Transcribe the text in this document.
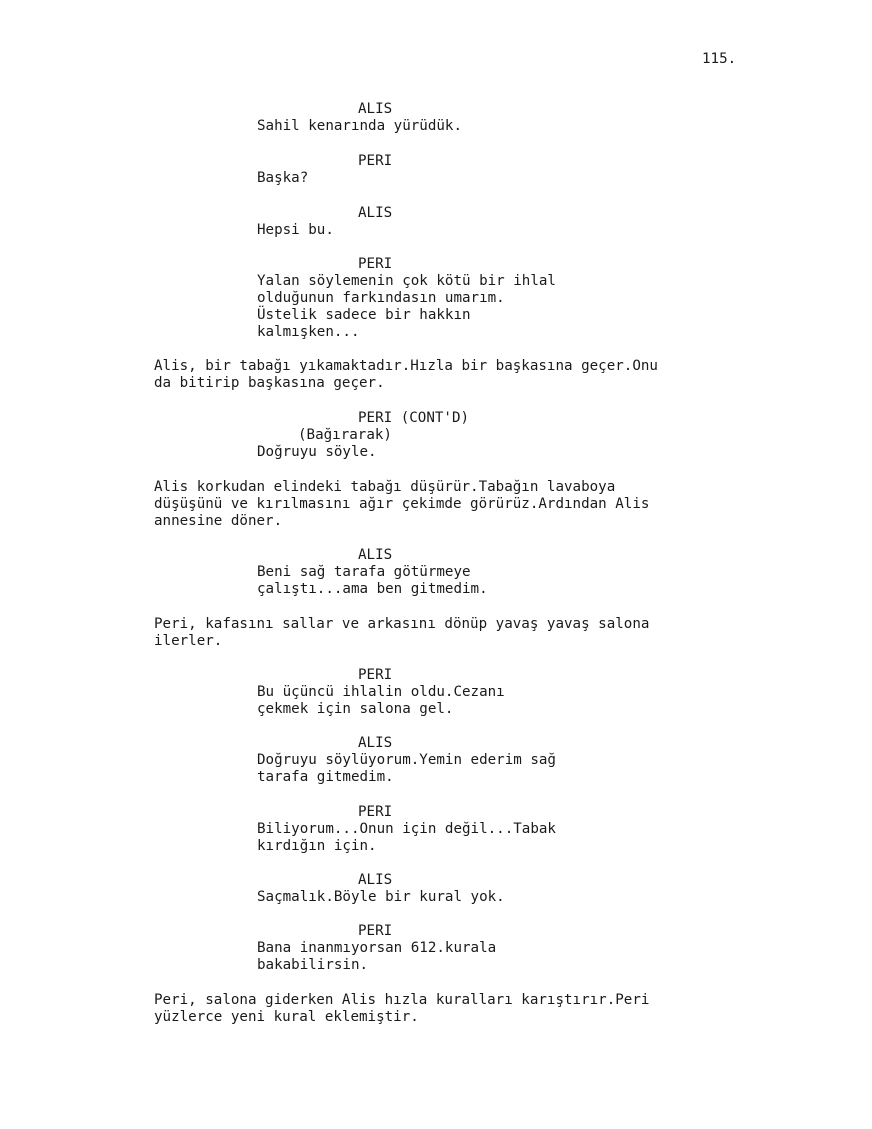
115.
ALIS
Sahil kenarında yürüdük.
PERI
Başka?
ALIS
Hepsi bu.
PERI
Yalan söylemenin çok kötü bir ihlal
olduğunun farkındasın umarım.
Üstelik sadece bir hakkın
kalmışken...
Alis, bir tabağı yıkamaktadır.Hızla bir başkasına geçer.Onu
da bitirip başkasına geçer.
PERI (CONT'D)
(Bağırarak)
Doğruyu söyle.
Alis korkudan elindeki tabağı düşürür.Tabağın lavaboya
düşüşünü ve kırılmasını ağır çekimde görürüz.Ardından Alis
annesine döner.
ALIS
Beni sağ tarafa götürmeye
çalıştı...ama ben gitmedim.
Peri, kafasını sallar ve arkasını dönüp yavaş yavaş salona
ilerler.
PERI
Bu üçüncü ihlalin oldu.Cezanı
çekmek için salona gel.
ALIS
Doğruyu söylüyorum.Yemin ederim sağ
tarafa gitmedim.
PERI
Biliyorum...Onun için değil...Tabak
kırdığın için.
ALIS
Saçmalık.Böyle bir kural yok.
PERI
Bana inanmıyorsan 612.kurala
bakabilirsin.
Peri, salona giderken Alis hızla kuralları karıştırır.Peri
yüzlerce yeni kural eklemiştir.
